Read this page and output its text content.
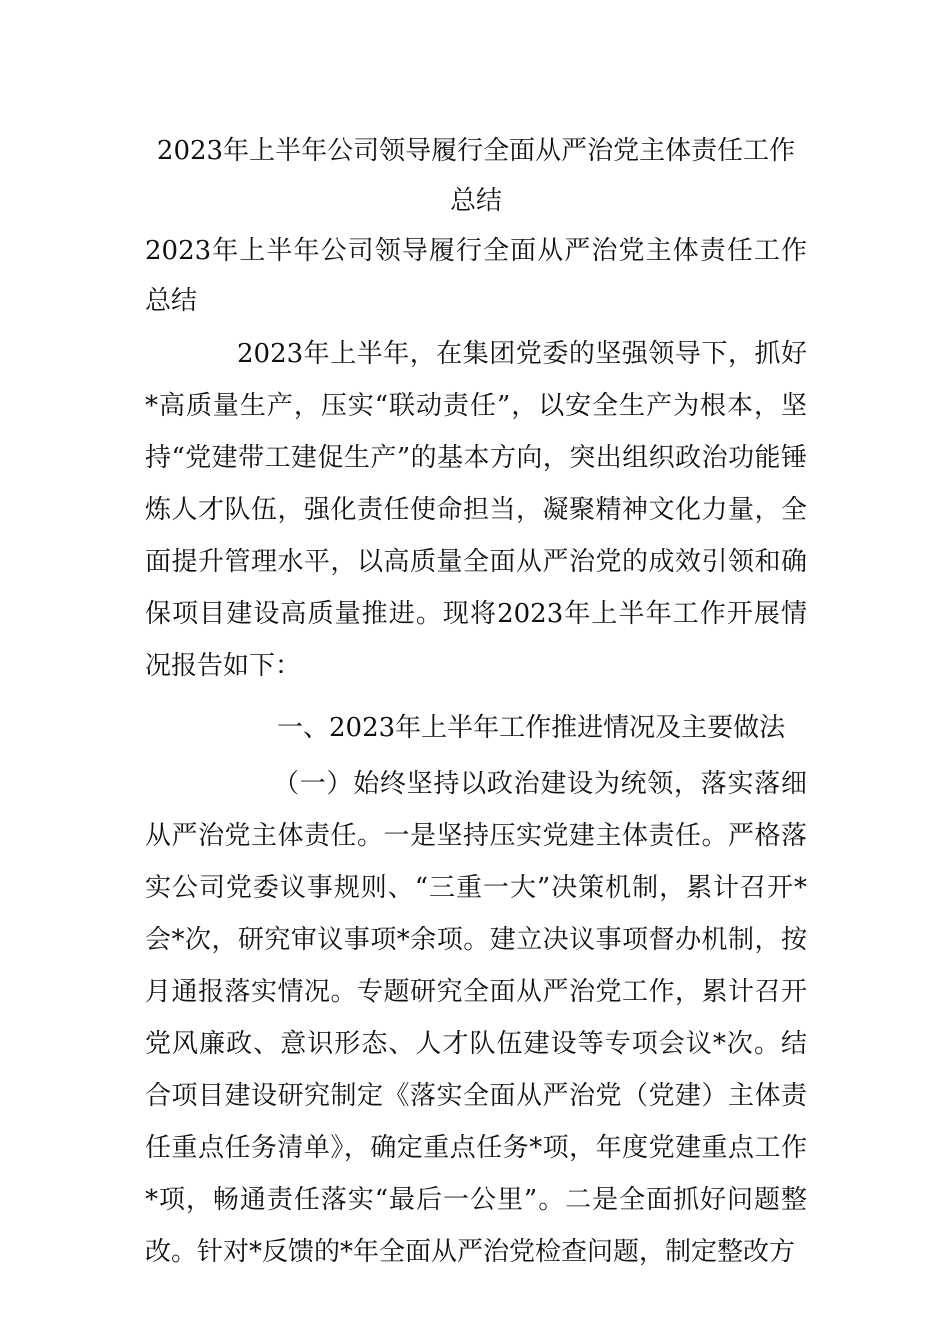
2023年上半年公司领导履行全面从严治党主体责任工作总结

2023年上半年公司领导履行全面从严治党主体责任工作总结

2023年上半年，在集团党委的坚强领导下，抓好*高质量生产，压实“联动责任”，以安全生产为根本，坚持“党建带工建促生产”的基本方向，突出组织政治功能锤炼人才队伍，强化责任使命担当，凝聚精神文化力量，全面提升管理水平，以高质量全面从严治党的成效引领和确保项目建设高质量推进。现将2023年上半年工作开展情况报告如下：

一、2023年上半年工作推进情况及主要做法

（一）始终坚持以政治建设为统领，落实落细从严治党主体责任。一是坚持压实党建主体责任。严格落实公司党委议事规则、“三重一大”决策机制，累计召开*会*次，研究审议事项*余项。建立决议事项督办机制，按月通报落实情况。专题研究全面从严治党工作，累计召开党风廉政、意识形态、人才队伍建设等专项会议*次。结合项目建设研究制定《落实全面从严治党（党建）主体责任重点任务清单》，确定重点任务*项，年度党建重点工作*项，畅通责任落实“最后一公里”。二是全面抓好问题整改。针对*反馈的*年全面从严治党检查问题，制定整改方
